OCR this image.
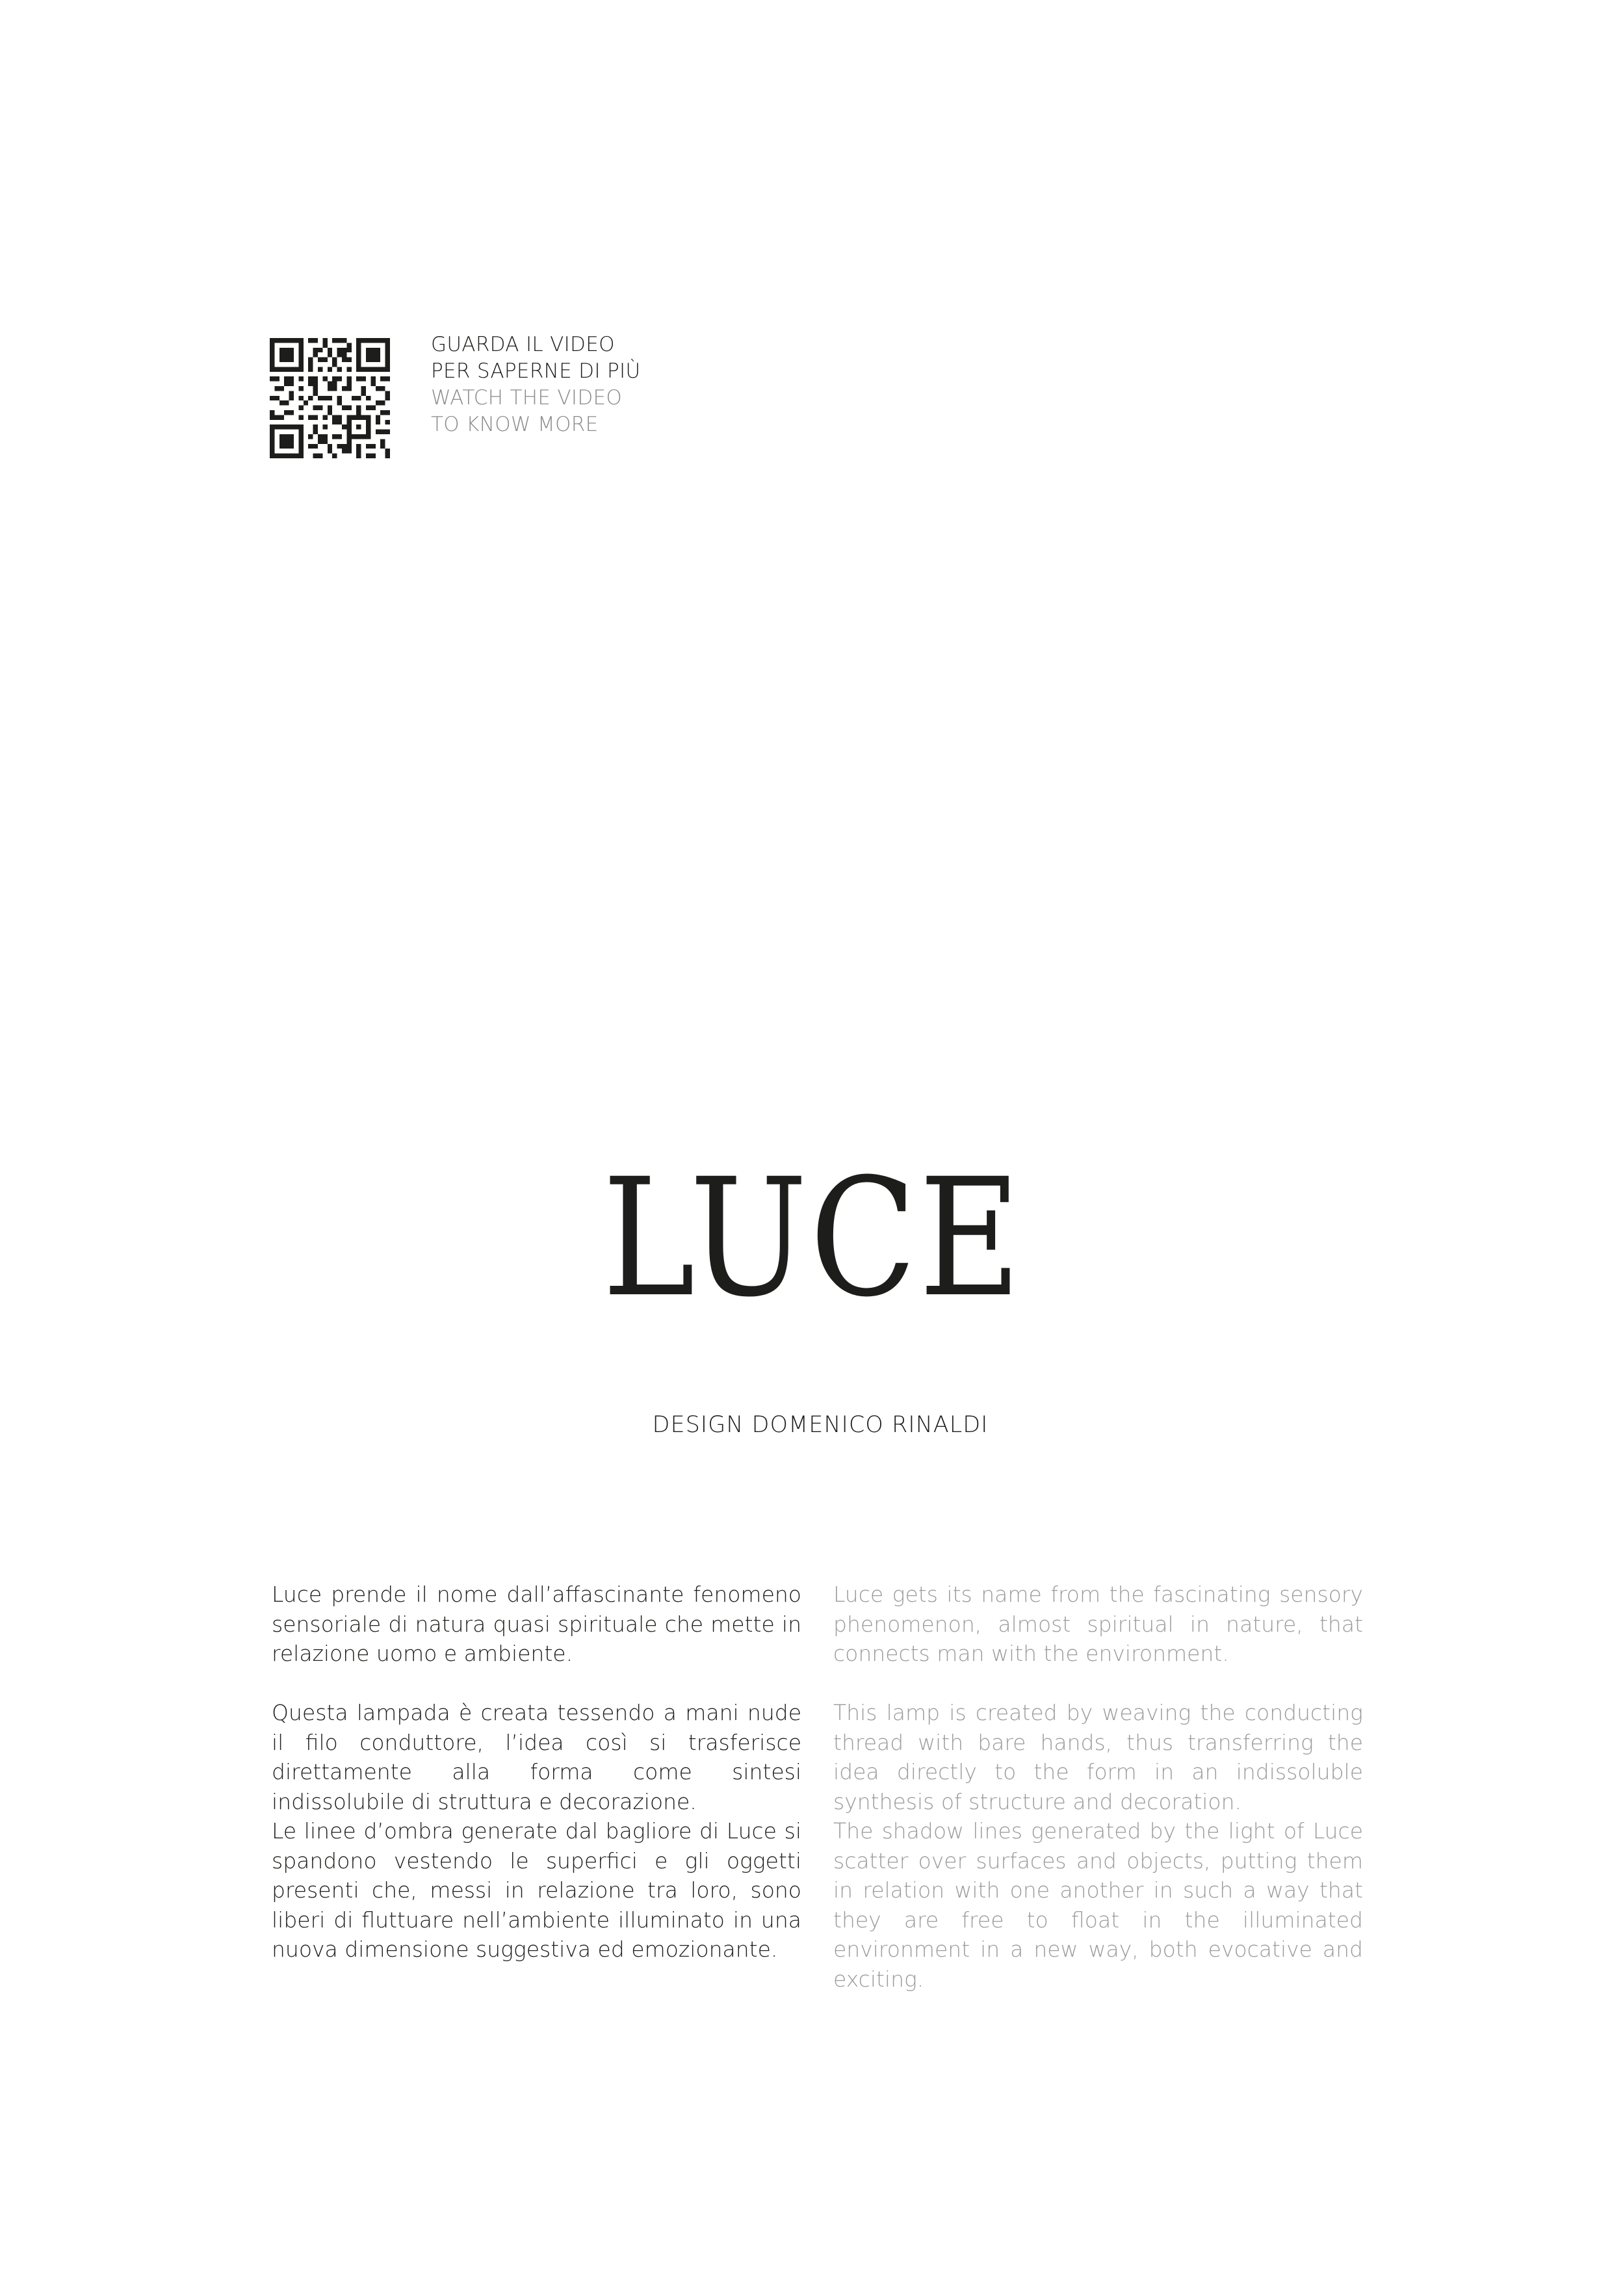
GUARDA IL VIDEO
PER SAPERNE DI PIÙ
WATCH THE VIDEO
TO KNOW MORE
LUCE
DESIGN DOMENICO RINALDI

Luce prende il nome dall’affascinante fenomeno sensoriale di natura quasi spirituale che mette in relazione uomo e ambiente.

Questa lampada è creata tessendo a mani nude il filo conduttore, l’idea così si trasferisce direttamente alla forma come sintesi indissolubile di struttura e decorazione.

Le linee d’ombra generate dal bagliore di Luce si spandono vestendo le superfici e gli oggetti presenti che, messi in relazione tra loro, sono liberi di fluttuare nell’ambiente illuminato in una nuova dimensione suggestiva ed emozionante.

Luce gets its name from the fascinating sensory phenomenon, almost spiritual in nature, that connects man with the environment.

This lamp is created by weaving the conducting thread with bare hands, thus transferring the idea directly to the form in an indissoluble synthesis of structure and decoration.

The shadow lines generated by the light of Luce scatter over surfaces and objects, putting them in relation with one another in such a way that they are free to float in the illuminated environment in a new way, both evocative and exciting.
